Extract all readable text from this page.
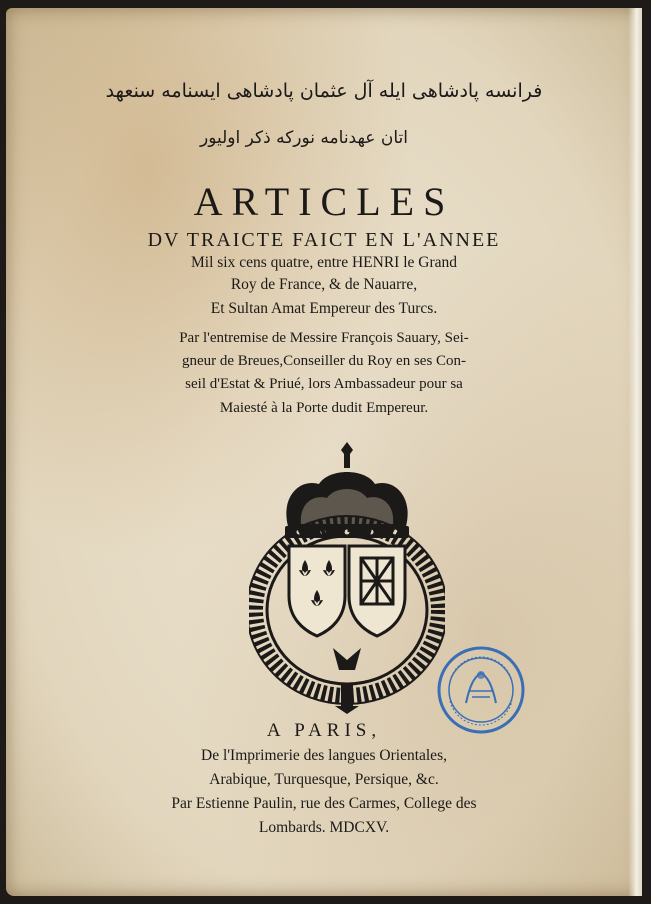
فرانسه پادشاهی ایله آل عثمان پادشاهی ایسنامه سنعهد
اتان عهدنامه نورکه ذکر اولیور
ARTICLES
DV TRAICTE FAICT EN L'ANNEE
Mil six cens quatre, entre HENRI le Grand
Roy de France, & de Nauarre,
Et Sultan Amat Empereur des Turcs.
Par l'entremise de Messire François Sauary, Sei-
gneur de Breues,Conseiller du Roy en ses Con-
seil d'Estat & Priué, lors Ambassadeur pour sa
Maiesté à la Porte dudit Empereur.
A PARIS,
De l'Imprimerie des langues Orientales,
Arabique, Turquesque, Persique, &c.
Par Estienne Paulin, rue des Carmes, College des
Lombards. MDCXV.
